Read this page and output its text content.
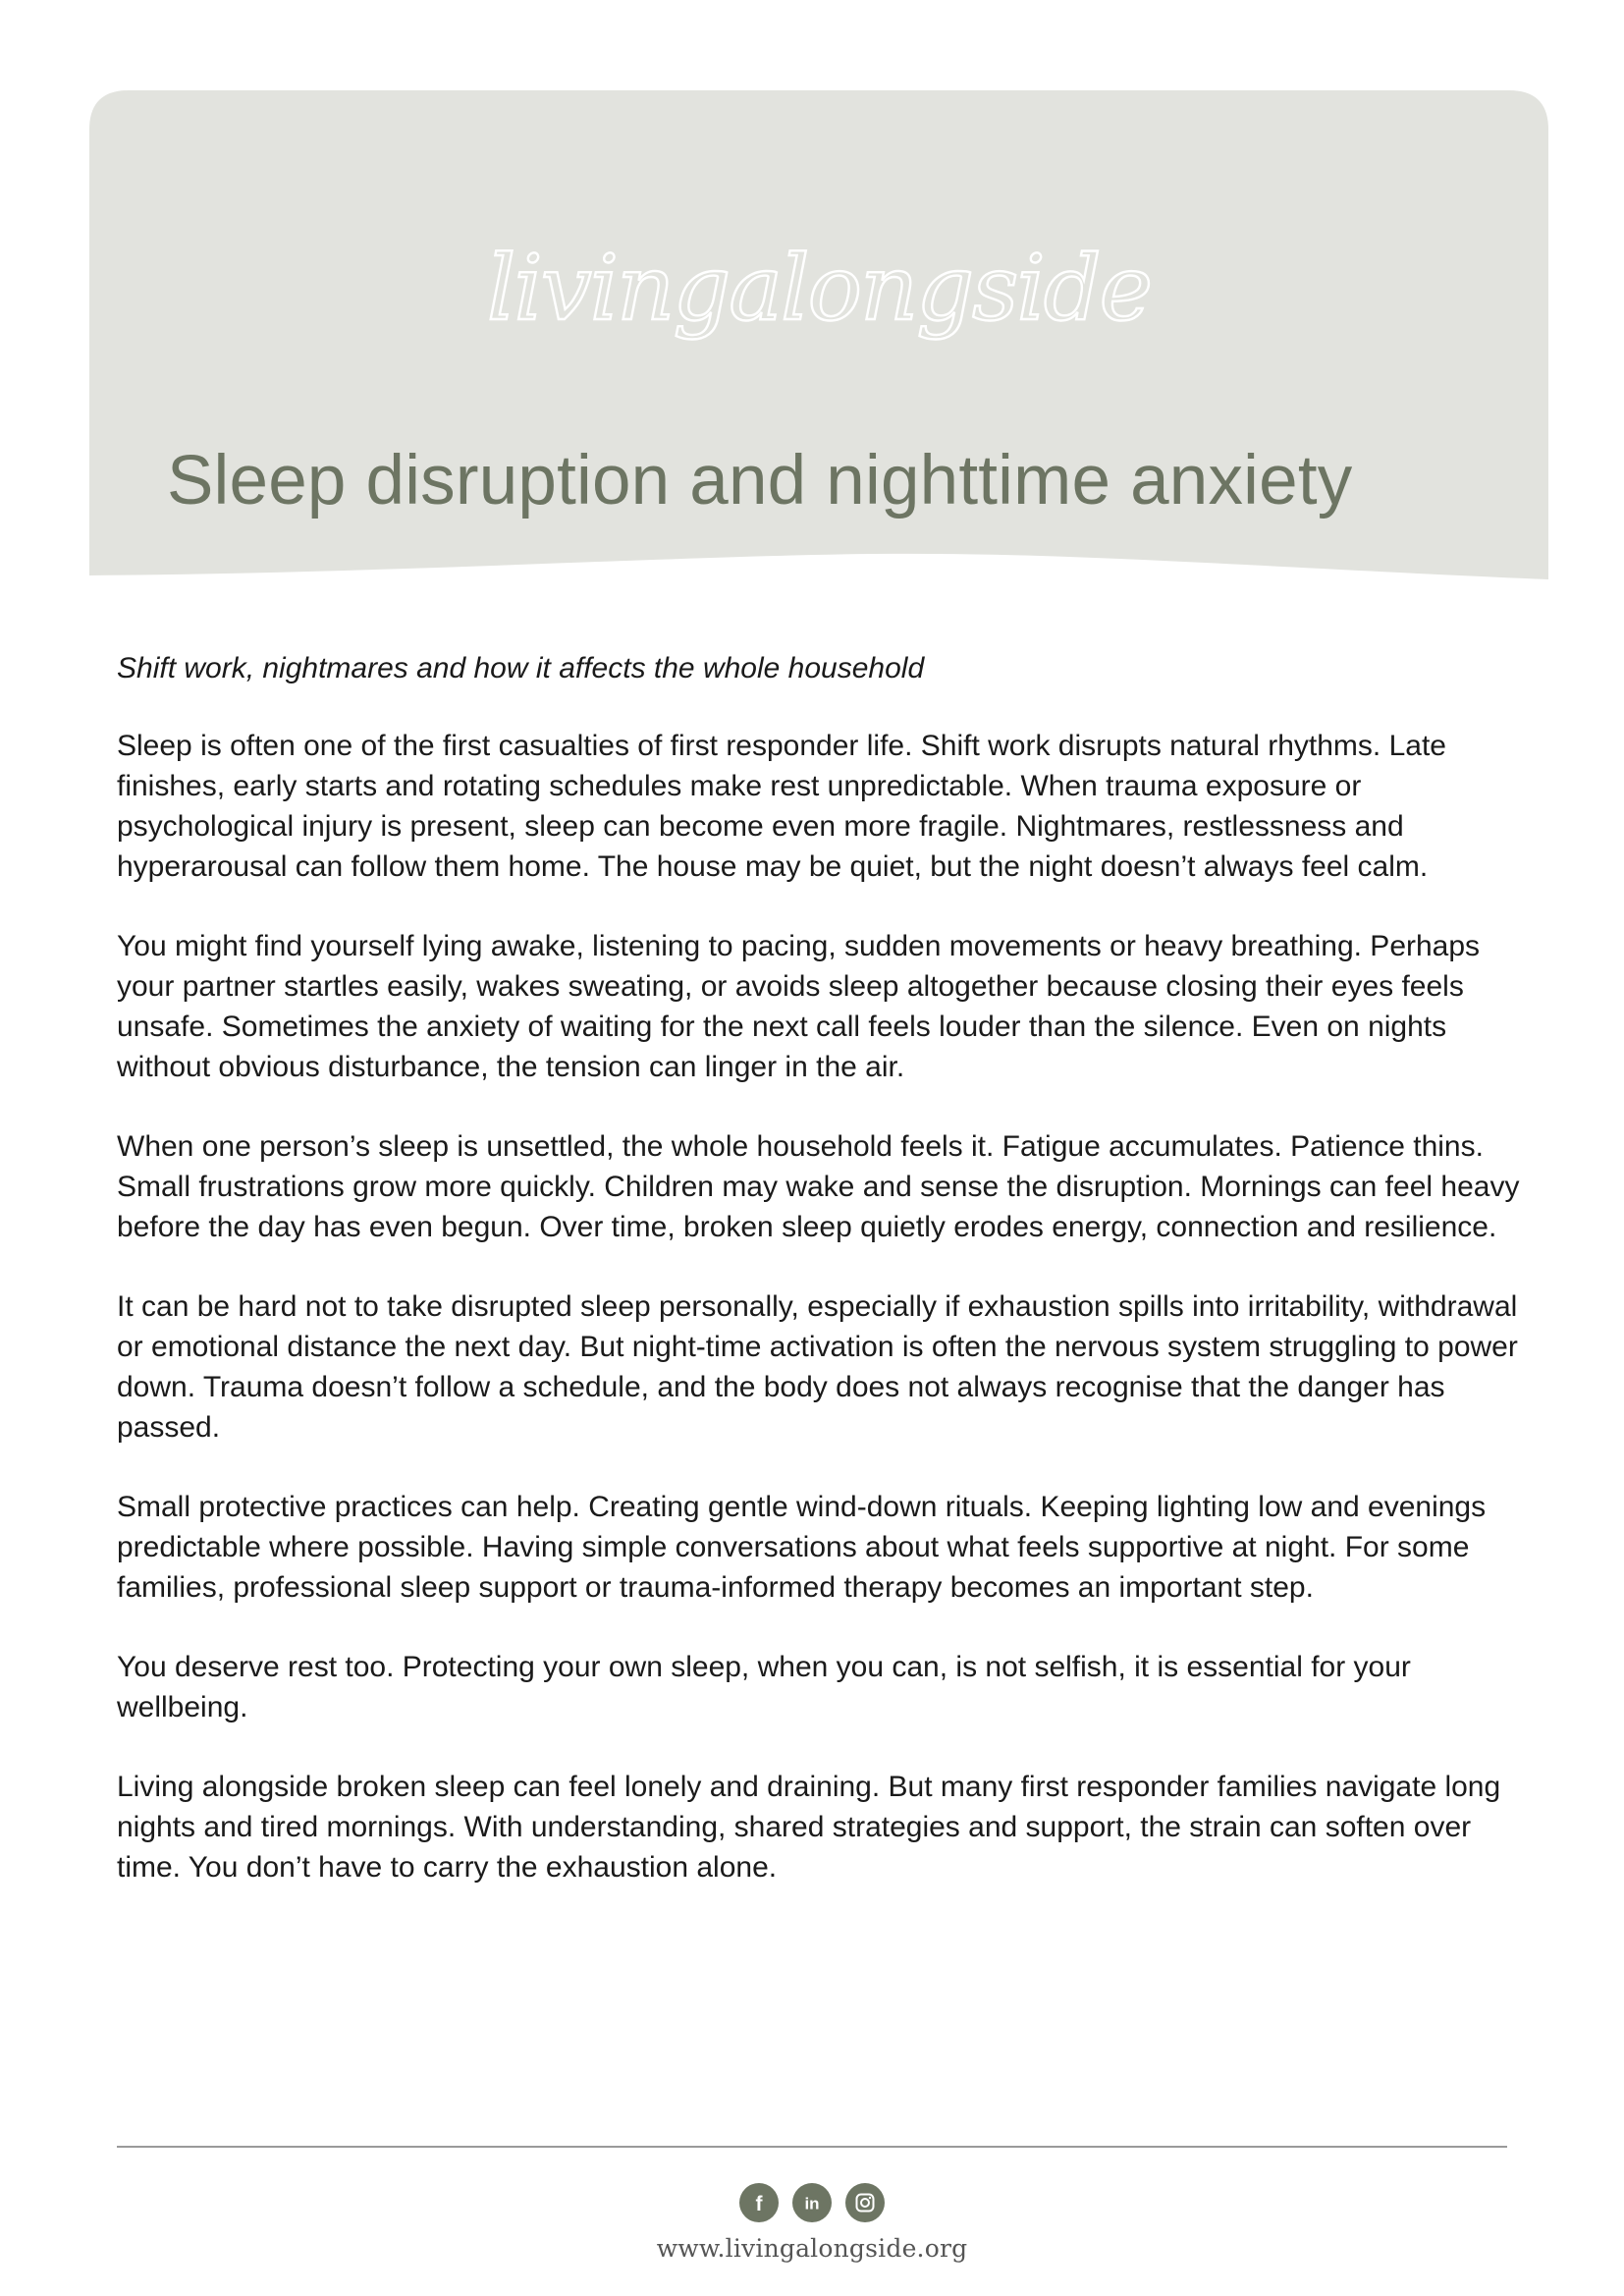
livingalongside
Sleep disruption and nighttime anxiety

Shift work, nightmares and how it affects the whole household

Sleep is often one of the first casualties of first responder life. Shift work disrupts natural rhythms. Late finishes, early starts and rotating schedules make rest unpredictable. When trauma exposure or psychological injury is present, sleep can become even more fragile. Nightmares, restlessness and hyperarousal can follow them home. The house may be quiet, but the night doesn’t always feel calm.

You might find yourself lying awake, listening to pacing, sudden movements or heavy breathing. Perhaps your partner startles easily, wakes sweating, or avoids sleep altogether because closing their eyes feels unsafe. Sometimes the anxiety of waiting for the next call feels louder than the silence. Even on nights without obvious disturbance, the tension can linger in the air.

When one person’s sleep is unsettled, the whole household feels it. Fatigue accumulates. Patience thins. Small frustrations grow more quickly. Children may wake and sense the disruption. Mornings can feel heavy before the day has even begun. Over time, broken sleep quietly erodes energy, connection and resilience.

It can be hard not to take disrupted sleep personally, especially if exhaustion spills into irritability, withdrawal or emotional distance the next day. But night-time activation is often the nervous system struggling to power down. Trauma doesn’t follow a schedule, and the body does not always recognise that the danger has passed.

Small protective practices can help. Creating gentle wind-down rituals. Keeping lighting low and evenings predictable where possible. Having simple conversations about what feels supportive at night. For some families, professional sleep support or trauma-informed therapy becomes an important step.

You deserve rest too. Protecting your own sleep, when you can, is not selfish, it is essential for your wellbeing.

Living alongside broken sleep can feel lonely and draining. But many first responder families navigate long nights and tired mornings. With understanding, shared strategies and support, the strain can soften over time. You don’t have to carry the exhaustion alone.

f
	in

www.livingalongside.org
